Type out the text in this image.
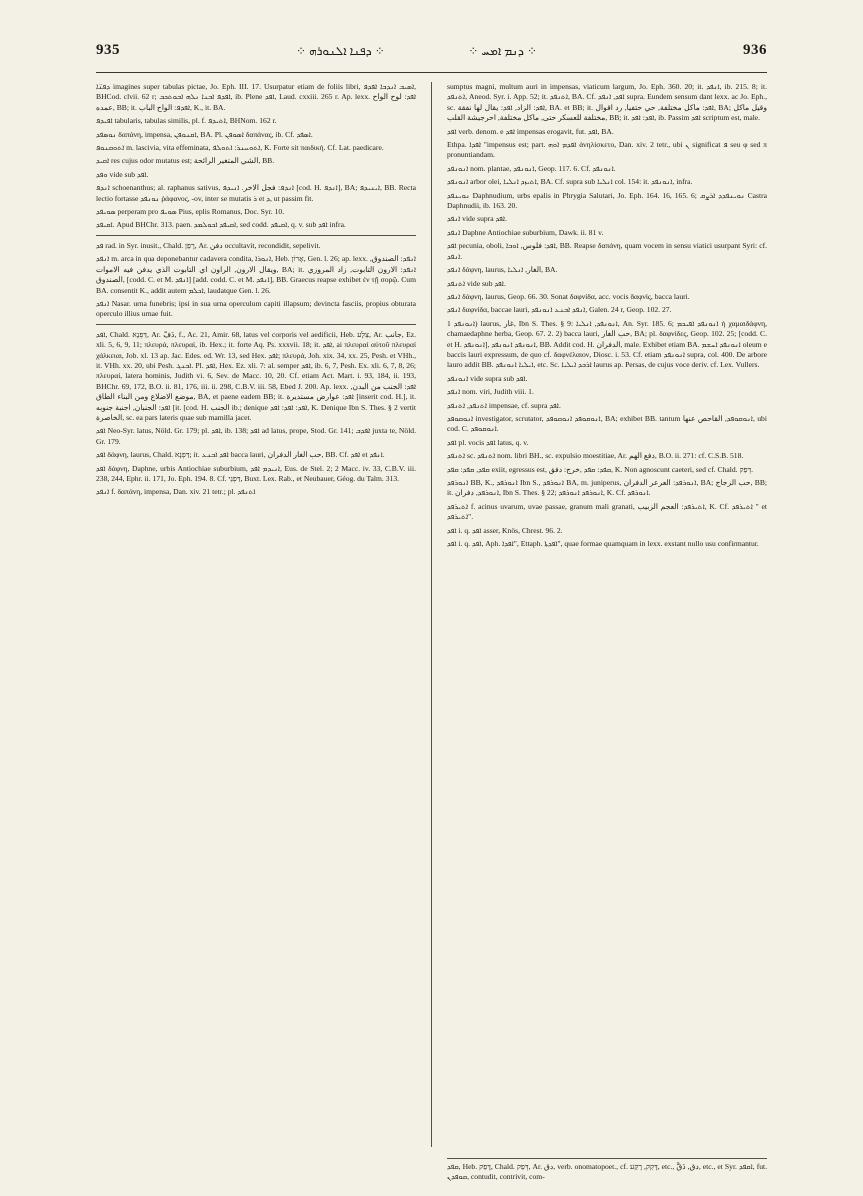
935	⁘ ܕܦܢܐ ܐܠܢܘܪܗ ⁘	⁘ ܕܢܡ ܐܡܚ ⁘	936

ܕܦܢ̈ܐ imagines super tabulas pictae, Jo. Eph. III. 17. Usurpatur etiam de foliis libri, ܐܣܝܒ ܐܢܕܒܐ ܐܦܕܦ, BHCod. clvii. 62 r; ܐܦܕܦ ܐܒܢܐ ܢܠܗ ܐܒܘܬܟܒ, ib. Plene ܐܦܕ, Laud. cxxiii. 265 r. Ap. lexx. ܐܦܕ: لوح الواح عمده, BB; it. ܐܦܕܦ: الواح الباب, K., it. BA.

ܐܦܝܕܦ tabularis, tabulas similis, pl. f. ܐܬܝܕܦ, BHNom. 162 r.

ܢܘܣܦܕ δαπάνη, impensa, ܐܩܢܘܦܢ, BA. Pl. ܐܣܘܦܢ δαπάνας, ib. Cf. ܐܣܦܕ.

ܐܬܘܩܢܘܦ m. lascivia, vita effeminata, ܐܬܘܚܢܪ: ܐܬܘܠܦ, K. Forte sit παιδική. Cf. Lat. paedicare.

ܐܩܝܕ res cujus odor mutatus est; الشي المتغير الرائحة, BB.

ܘܦܕ vide sub ܐܦܕ.

ܐܢܕܦ schoenanthus; al. raphanus sativus, ܐܢܕܦ: فجل الاخر. ܐܢܝܕܦ [cod. H. ܐܢܕܦ], BA; ܐܝܢܝܕܦ, BB. Recta lectio fortasse ܢܘܢܦܕ ῥάφανος, -ov, inter se mutatis ܪ et ܕ, ut passim fit.

ܣܘܝܦܕ perperam pro ܣܘܝܦ Pius, eplis Romanus, Doc. Syr. 10.

ܐܩܝܦܕ. Apud BHChr. 313. paen. ܐܩܝܦܕ ܐܟܘܠܡܕ, sed codd. ܐܩܝܦܕ, q. v. sub ܐܦܕ infra.

ܦܕ rad. in Syr. inusit., Chald. רָפַן, Ar. دفن occultavit, recondidit, sepelivit.

ܐܢܦܕ m. arca in qua deponebantur cadavera condita, ܐܢܘܪܐ, Heb. אָרוֹן, Gen. l. 26; ap. lexx. ܐܢܦܕ: الصندوق, ويقال الارون, الراون اي التابوت الذي يدفن فيه الاموات, BA; it. ܐܢܦܕ: الارون التابوت, زاد المروزي الصندوق, [codd. C. et M. ܐܢܦܕ] [add. codd. C. et M. ܐܢܦܕ], BB. Graecus reapse exhibet ἐν τῇ σορῷ. Cum BA. consentit K., addit autem ܐܟܠܡ, laudatque Gen. l. 26.

ܐܢܦܕ Nasar. urna funebris; ipsi in sua urna operculum capiti illapsum; devincta fasciis, propius obturata operculo illius urnae fuit.

ܐܦܕ, Chald. דַּפְנָא, Ar. دَفّ, f., Ac. 21, Amir. 68, latus vel corporis vel aedificii, Heb. צֵלָע, Ar. جانب, Ez. xli. 5, 6, 9, 11; πλευρά, πλευραί, ib. Hex.; it. forte Aq. Ps. xxxvii. 18; it. ܐܦܕ, ai πλευραί αὐτοῦ πλευραί χάλκειαι, Job. xl. 13 ap. Jac. Edes. ed. Wr. 13, sed Hex. ܐܦܕ; πλευρά, Joh. xix. 34, xx. 25, Pesh. et VHh., it. VHh. xx. 20, ubi Pesh. ܐܒܢܓ. Pl. ܐܦܕ, Hex. Ez. xli. 7: al. semper ܐܦܕ, ib. 6, 7, Pesh. Ex. xli. 6, 7, 8, 26; πλευραί, latera hominis, Judith vi. 6, Sev. de Macc. 10, 20. Cf. etiam Act. Mart. i. 93, 184, ii. 193, BHChr. 69, 172, B.O. ii. 81, 176, iii. ii. 298, C.B.V. iii. 58, Ebed J. 200. Ap. lexx. ܐܦܕ: الجنب من البدن, موضع الاضلاع ومن البناء الطاق, BA, et paene eadem BB; it. ܐܦܕ: عوارض مستديرة [inserit cod. H.], it. ܐܦܕ: الجنبان, اجنبة جنوبه [it. [cod. H. الجنب ib.; denique ܐܦܕ: ܐܦܕ: ܐܦܕ, K. Denique Ibn S. Thes. § 2 vertit الخاصرة, sc. ea pars lateris quae sub mamilla jacet.

ܐܦܕ Neo-Syr. latus, Nöld. Gr. 179; pl. ܐܦܕ, ib. 138; ܐܦܕ ad latus, prope, Stod. Gr. 141; ܐܦܕܒ juxta te, Nöld. Gr. 179.

ܐܦܕ δάφνη, laurus, Chald. דַּפְנָא; it. ܐܦܕ ܐܒܢܥ bacca lauri, حب الغار الدفران, BB. Cf. ܐܦܕ et ܐܢܦܕ.

ܐܦܕ δάφνη, Daphne, urbis Antiochiae suburbium, ܐܢܝܕܡ ܐܦܕ, Eus. de Stel. 2; 2 Macc. iv. 33, C.B.V. iii. 238, 244, Ephr. ii. 171, Jo. Eph. 194. 8. Cf. דַּפְנֵי, Buxt. Lex. Rab., et Neubauer, Géog. du Talm. 313.

ܐܢܦܕ f. δαπάνη, impensa, Dan. xiv. 21 tetr.; pl. ܐܬܢܦܕ

sumptus magni, multum auri in impensas, viaticum largum, Jo. Eph. 360. 20; it. ܐܢܦܕ, ib. 215. 8; it. ܐܬܢܦܕ, Aneod. Syr. i. App. 52; it. ܐܬܢܦܕ, BA. Cf. ܐܦܕ, ܐܢܦܕ supra. Eundem sensum dant lexx. ac Jo. Eph., sc. ܐܦܕ: الزاد, ܐܦܕ: يقال لها نفقة, BA. et BB; it. ܐܦܕ: ماكل مختلفة, حي حتفيا, رد اقوال, BA; وقيل ماكل مختلفة للعسكر حتى, ماكل مختلفة, احرجيشة القلب, BB; it. ܐܦܕ: ܐܦܕ, ib. Passim ܐܦܕ scriptum est, male.

ܐܦܕ verb. denom. e ܐܦܕ impensas erogavit, fut. ܐܦܕ, BA.

Ethpa. ܐܦܕܐ "impensus est; part. ܐܦܕܡ ܐܘܗ ἀνηλίσκετο, Dan. xiv. 2 tetr., ubi ܢ significat ܦ seu φ sed π pronuntiandam.

ܐܢܘܢܦܕ nom. plantae, ܐܢܘܢܦܕ, Geop. 117. 6. Cf. ܐܢܘܢܦܕ.

ܐܢܘܢܦܕ arbor olei, ܐܬܝܙܕ ܐܢܠܝܐ, BA. Cf. supra sub ܐܢܠܝܐ col. 154: it. ܐܢܘܢܦܕ, infra.

ܢܘܝܢܦܕ Daphnudium, urbs epalis in Phrygia Salutari, Jo. Eph. 164. 16, 165. 6; ܢܘܝܢܦܕܕ ܐܪܨܩ Castra Daphnudii, ib. 163. 20.

ܐܢܦܕ vide supra ܐܦܕ.

ܐܢܦܕ Daphne Antiochiae suburbium, Dawk. ii. 81 v.

ܐܦܕ pecunia, oboli, ܐܦܕ: فلوس, ܐܘܒܐ, BB. Reapse δαπάνη, quam vocem in sensu viatici usurpant Syri: cf. ܐܢܦܕ.

ܐܢܦܕ δάφνη, laurus, الغار, ܐܢܠܝܐ, BA.

ܐܬܢܦܕ vide sub ܐܦܕ.

ܐܢܦܕ δάφνη, laurus, Geop. 66. 30. Sonat δαφνίδα, acc. vocis δαφνίς, bacca lauri.

ܐܢܦܕ δαφνίδα, baccae lauri, ܐܢܦܕ ܐܒܢܥ ܐܢܘܢܦܕ, Galen. 24 r, Geop. 102. 27.

ܐܢܘܢܦܕ 1) laurus, غار, Ibn S. Thes. § 9: ܐܢܘܢܦܕ, ܐܢܠܝܐ, An. Syr. 185. 6; ܐܢܘܢܦܕ ܐܦܝܟܡ ἡ χαμαιδάφνη, chamaedaphne herba, Geop. 67. 2. 2) bacca lauri, حب الغار, BA; pl. δαφνίδες, Geop. 102. 25; [codd. C. et H. ܐܢܘܢܦܕ], ܐܢܘܢܦܕ ܐܢܘܢܦܕ, BB. Addit cod. H. الدفران, male. Exhibet etiam BA. ܐܢܘܢܦܕ ܐܚܫܡ oleum e baccis lauri expressum, de quo cf. δαφνέλαιον, Diosc. i. 53. Cf. etiam ܐܢܘܢܦܕ supra, col. 400. De arbore lauro addit BB. ܐܝܠܝܐ ܐܢܘܢܦܕ, etc. Sc. ܐܪܒܕ ܐܝܠܝܐ laurus ap. Persas, de cujus voce deriv. cf. Lex. Vullers.

ܐܢܘܢܦܕ vide supra sub ܐܦܕ.

ܐܢܦܕ nom. viri, Judith viii. 1.

ܐܬܢܦܕ, ܐܬܢܦܕ impensae, cf. supra ܐܦܕ.

ܐܢܘܩܘܦܕ investigator, scrutator, ܐܢܘܩܘܦܕ ܐܢܘܩܘܦܕ, BA; exhibet BB. tantum ܐܢܘܩܘܦܕ, القاحص عنها, ubi cod. C. ܐܢܘܩܘܦܕ.

ܐܦܕ pl. vocis ܐܦܕ latus, q. v.

ܐܬܢܦܕ sc. ܐܬܢܦܕ nom. libri BH., sc. expulsio moestitiae, Ar. دفع الهم, B.O. ii. 271: cf. C.S.B. 518.

ܩܦܕ, ܩܦܕ: ܩܦܕ exiit, egressus est, ܩܦܕ: ܩܦܕ ,خرج: دفق, K. Non agnoscunt caeteri, sed cf. Chald. דְּפַק.

ܐܢܘܪܦܕ BB, K., ܐܢܘܪܦܕ Ibn S., ܐܢܘܪܦܕ BA, m. juniperus, ܐܢܘܪܦܕ: العرعر الدفران, BA; حب الزجاج, BB; it. ܐܢܘܪܦܕ, دفران, Ibn S. Thes. § 22; ܐܢܘܪܦܕ ܐܢܘܪܦܕ, K. Cf. ܐܢܘܪܦܕ.

ܐܬܝܪܦܕ f. acinus uvarum, uvae passae, granum mali granati, ܐܬܝܪܦܕ: العجم الزبيب, K. Cf. ܐܬܝܪܦܕ " et ܐܬܝܪܦܕ".

ܐܦܕ i. q. ܐܦܕ asser, Knös, Chrest. 96. 2.

ܐܦܕ i. q. ܐܦܕ, Aph. ܐܦܕܐ", Ettaph. ܐܦܕܬܐ", quae formae quamquam in lexx. exstant nullo usu confirmantur.

ܩܦܕ, Heb. דָּפַק, Chald. דְּפַק, Ar. دق, verb. onomatopoet., cf. דָּקַק, רָקַע, etc., دق, دَقَّ, etc., et Syr. ܐܩܦܕ, fut. ܩܘܦܕܢ, contudit, contrivit, com-
